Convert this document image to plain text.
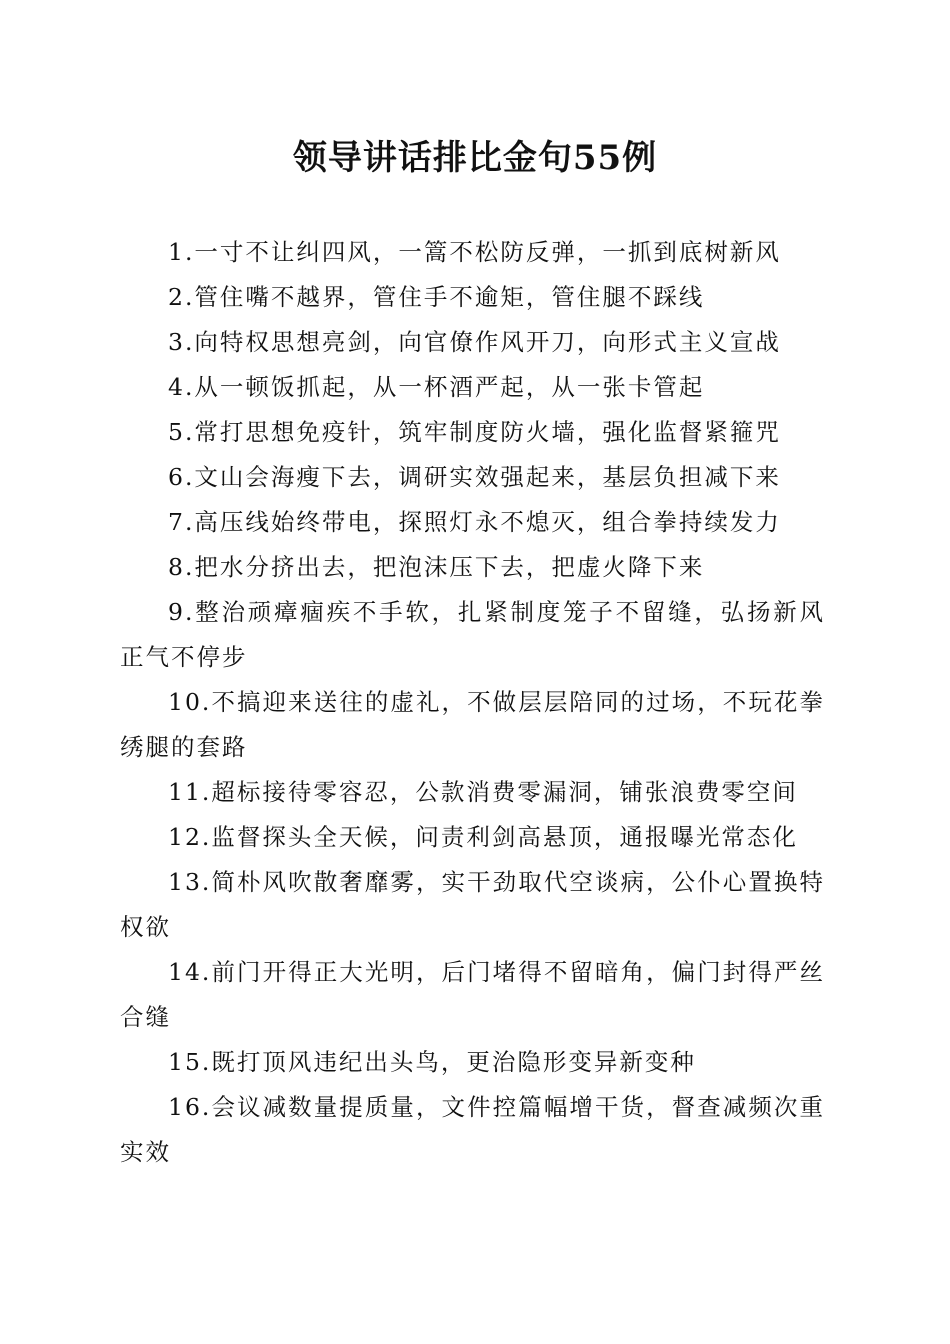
领导讲话排比金句55例

1.一寸不让纠四风，一篙不松防反弹，一抓到底树新风

2.管住嘴不越界，管住手不逾矩，管住腿不踩线

3.向特权思想亮剑，向官僚作风开刀，向形式主义宣战

4.从一顿饭抓起，从一杯酒严起，从一张卡管起

5.常打思想免疫针，筑牢制度防火墙，强化监督紧箍咒

6.文山会海瘦下去，调研实效强起来，基层负担减下来

7.高压线始终带电，探照灯永不熄灭，组合拳持续发力

8.把水分挤出去，把泡沫压下去，把虚火降下来

9.整治顽瘴痼疾不手软，扎紧制度笼子不留缝，弘扬新风正气不停步

10.不搞迎来送往的虚礼，不做层层陪同的过场，不玩花拳绣腿的套路

11.超标接待零容忍，公款消费零漏洞，铺张浪费零空间

12.监督探头全天候，问责利剑高悬顶，通报曝光常态化

13.简朴风吹散奢靡雾，实干劲取代空谈病，公仆心置换特权欲

14.前门开得正大光明，后门堵得不留暗角，偏门封得严丝合缝

15.既打顶风违纪出头鸟，更治隐形变异新变种

16.会议减数量提质量，文件控篇幅增干货，督查减频次重实效
